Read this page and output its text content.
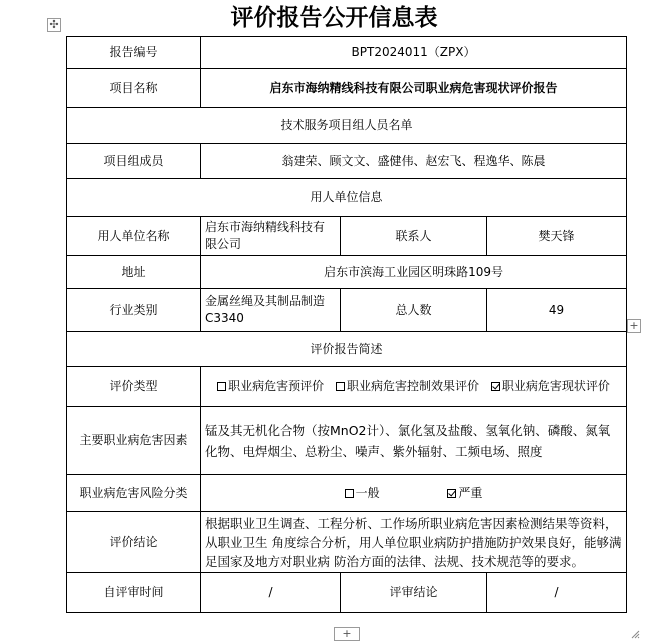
评价报告公开信息表
✣
+
+
报告编号	BPT2024011（ZPX）		
项目名称	启东市海纳精线科技有限公司职业病危害现状评价报告		
技术服务项目组人员名单			
项目组成员	翁建荣、顾文文、盛健伟、赵宏飞、程逸华、陈晨		
用人单位信息			
用人单位名称	启东市海纳精线科技有限公司	联系人	樊天锋
地址	启东市滨海工业园区明珠路109号		
行业类别	金属丝绳及其制品制造C3340	总人数	49
评价报告简述			
评价类型	职业病危害预评价 职业病危害控制效果评价 职业病危害现状评价		
主要职业病危害因素	锰及其无机化合物（按MnO2计）、氯化氢及盐酸、氢氧化钠、磷酸、氮氧化物、电焊烟尘、总粉尘、噪声、紫外辐射、工频电场、照度		
职业病危害风险分类	一般 严重		
评价结论	根据职业卫生调查、工程分析、工作场所职业病危害因素检测结果等资料，从职业卫生 角度综合分析，用人单位职业病防护措施防护效果良好，能够满足国家及地方对职业病 防治方面的法律、法规、技术规范等的要求。		
自评审时间	/	评审结论	/
